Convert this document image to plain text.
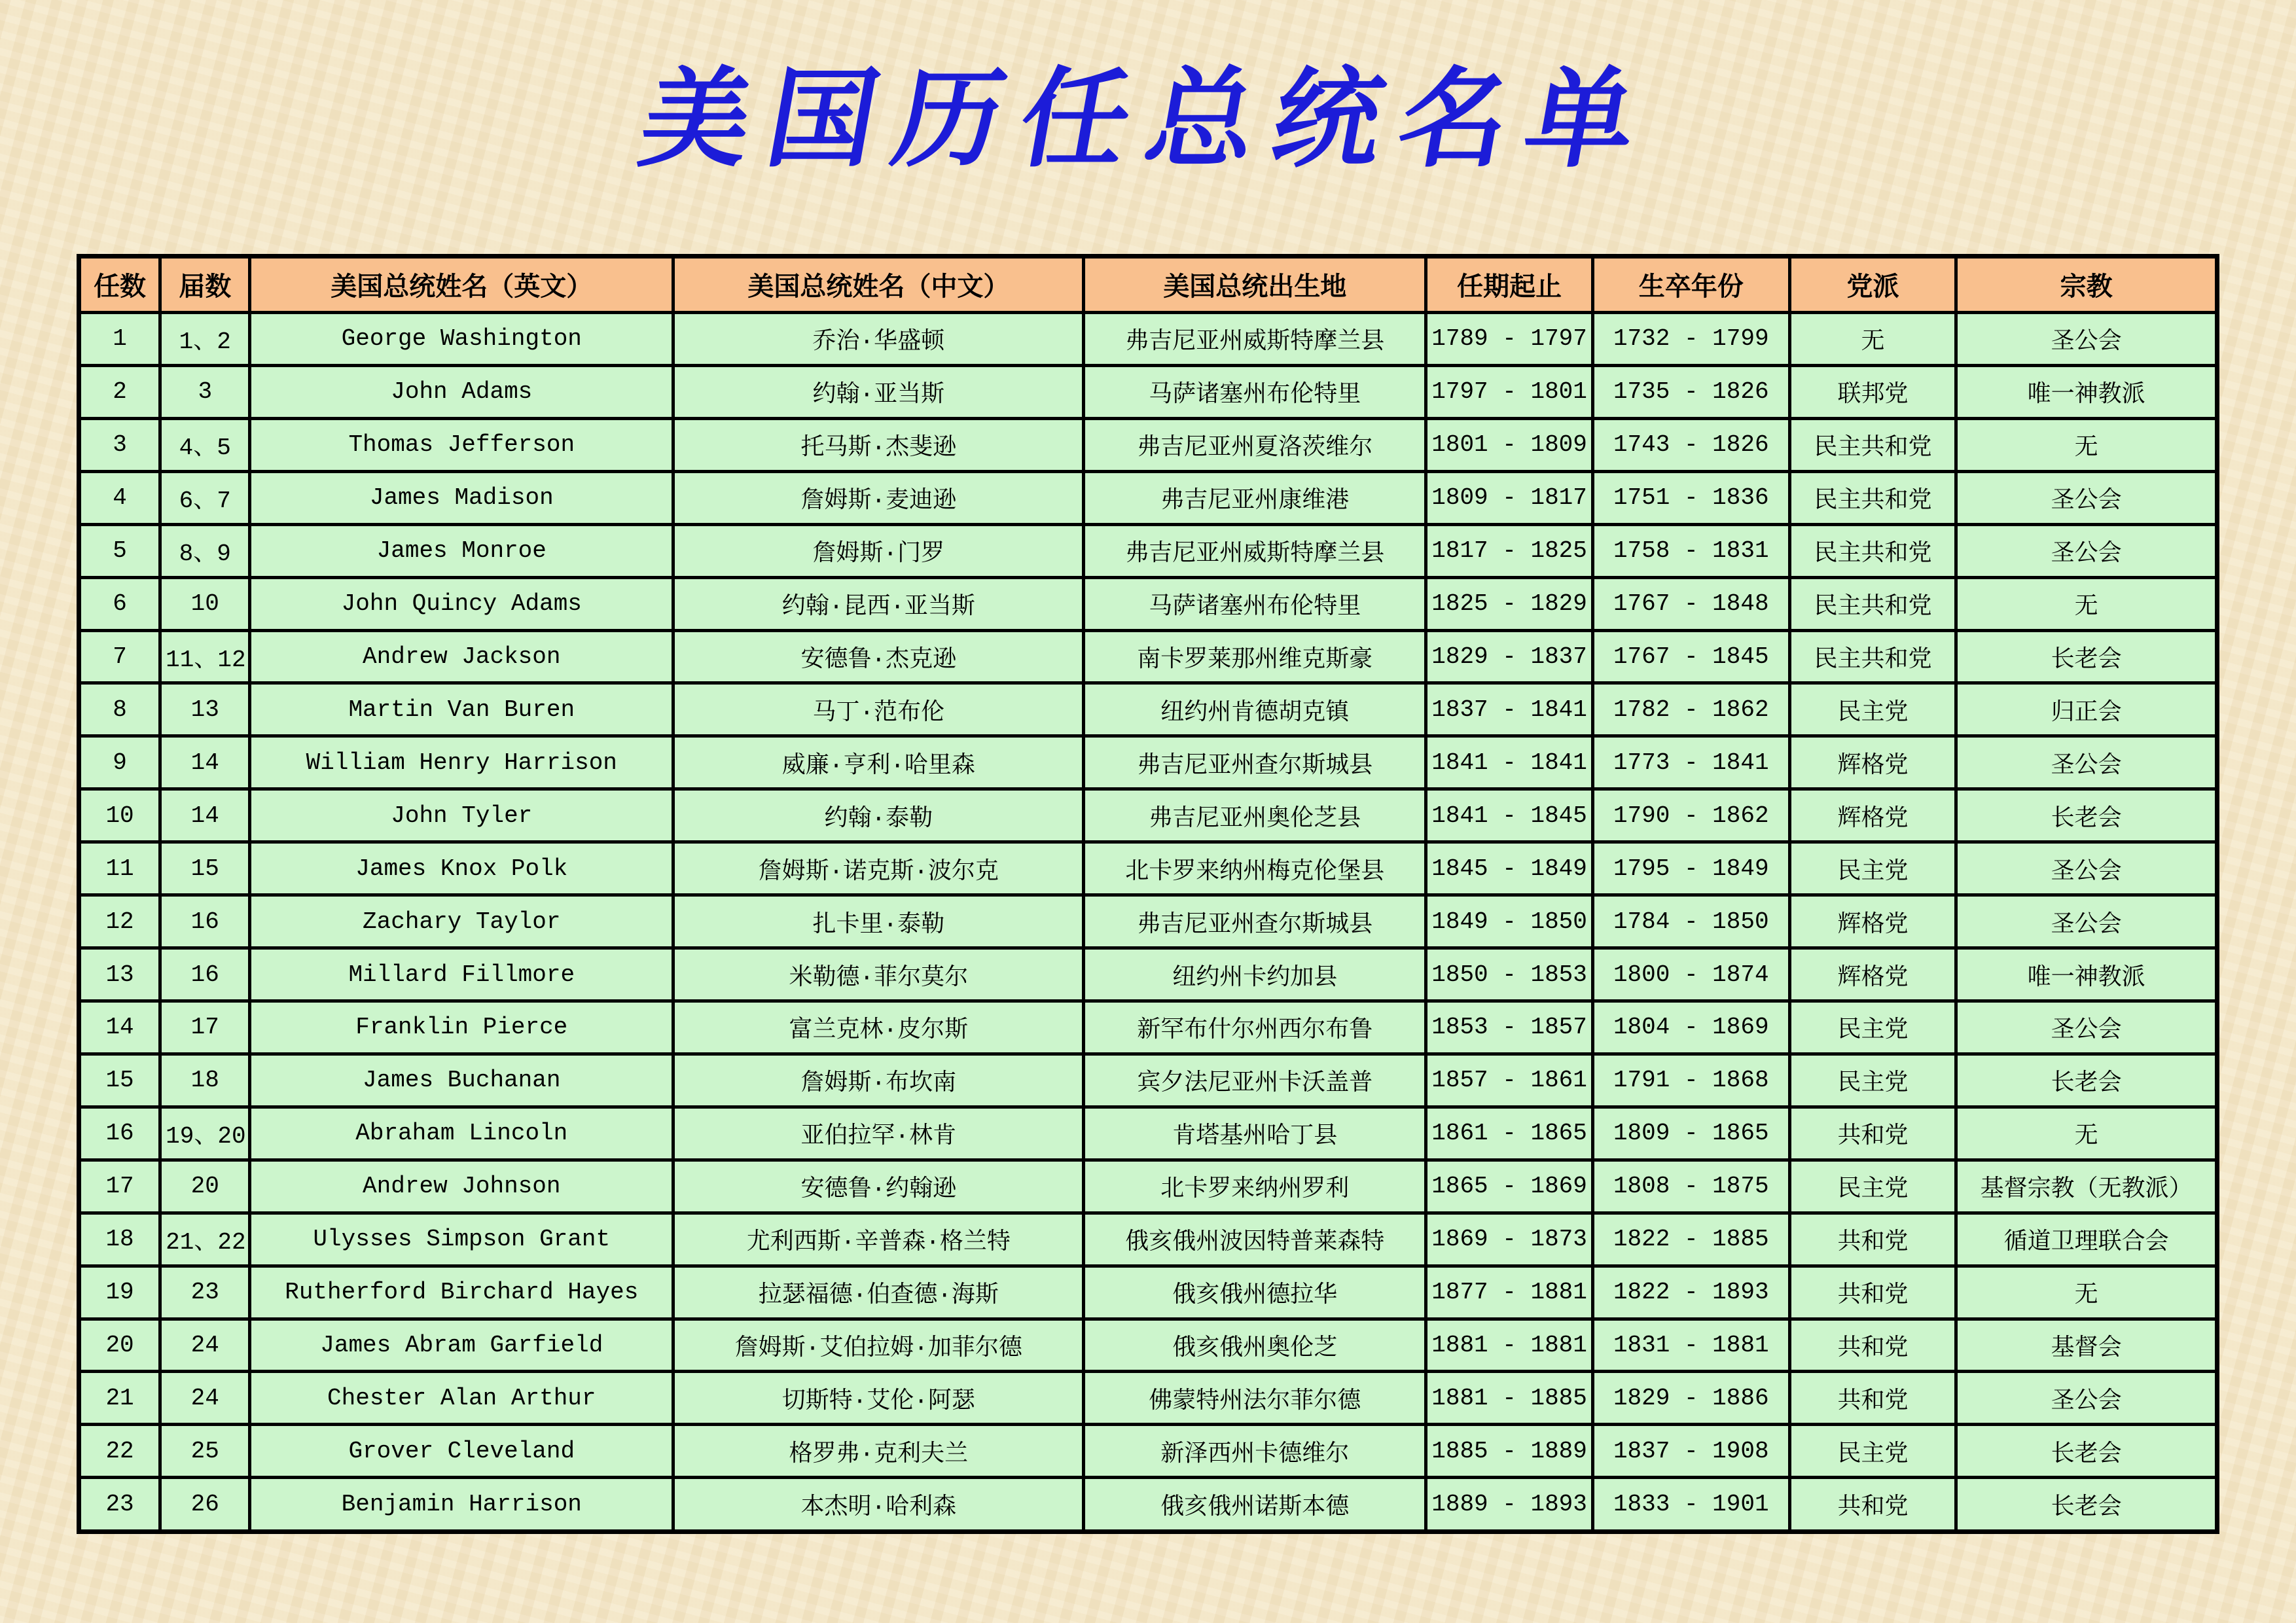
美国历任总统名单
任数	届数	美国总统姓名（英文）	美国总统姓名（中文）	美国总统出生地	任期起止	生卒年份	党派	宗教
1	1、2	George Washington	乔治·华盛顿	弗吉尼亚州威斯特摩兰县	1789 - 1797	1732 - 1799	无	圣公会
2	3	John Adams	约翰·亚当斯	马萨诸塞州布伦特里	1797 - 1801	1735 - 1826	联邦党	唯一神教派
3	4、5	Thomas Jefferson	托马斯·杰斐逊	弗吉尼亚州夏洛茨维尔	1801 - 1809	1743 - 1826	民主共和党	无
4	6、7	James Madison	詹姆斯·麦迪逊	弗吉尼亚州康维港	1809 - 1817	1751 - 1836	民主共和党	圣公会
5	8、9	James Monroe	詹姆斯·门罗	弗吉尼亚州威斯特摩兰县	1817 - 1825	1758 - 1831	民主共和党	圣公会
6	10	John Quincy Adams	约翰·昆西·亚当斯	马萨诸塞州布伦特里	1825 - 1829	1767 - 1848	民主共和党	无
7	11、12	Andrew Jackson	安德鲁·杰克逊	南卡罗莱那州维克斯豪	1829 - 1837	1767 - 1845	民主共和党	长老会
8	13	Martin Van Buren	马丁·范布伦	纽约州肯德胡克镇	1837 - 1841	1782 - 1862	民主党	归正会
9	14	William Henry Harrison	威廉·亨利·哈里森	弗吉尼亚州查尔斯城县	1841 - 1841	1773 - 1841	辉格党	圣公会
10	14	John Tyler	约翰·泰勒	弗吉尼亚州奥伦芝县	1841 - 1845	1790 - 1862	辉格党	长老会
11	15	James Knox Polk	詹姆斯·诺克斯·波尔克	北卡罗来纳州梅克伦堡县	1845 - 1849	1795 - 1849	民主党	圣公会
12	16	Zachary Taylor	扎卡里·泰勒	弗吉尼亚州查尔斯城县	1849 - 1850	1784 - 1850	辉格党	圣公会
13	16	Millard Fillmore	米勒德·菲尔莫尔	纽约州卡约加县	1850 - 1853	1800 - 1874	辉格党	唯一神教派
14	17	Franklin Pierce	富兰克林·皮尔斯	新罕布什尔州西尔布鲁	1853 - 1857	1804 - 1869	民主党	圣公会
15	18	James Buchanan	詹姆斯·布坎南	宾夕法尼亚州卡沃盖普	1857 - 1861	1791 - 1868	民主党	长老会
16	19、20	Abraham Lincoln	亚伯拉罕·林肯	肯塔基州哈丁县	1861 - 1865	1809 - 1865	共和党	无
17	20	Andrew Johnson	安德鲁·约翰逊	北卡罗来纳州罗利	1865 - 1869	1808 - 1875	民主党	基督宗教（无教派）
18	21、22	Ulysses Simpson Grant	尤利西斯·辛普森·格兰特	俄亥俄州波因特普莱森特	1869 - 1873	1822 - 1885	共和党	循道卫理联合会
19	23	Rutherford Birchard Hayes	拉瑟福德·伯查德·海斯	俄亥俄州德拉华	1877 - 1881	1822 - 1893	共和党	无
20	24	James Abram Garfield	詹姆斯·艾伯拉姆·加菲尔德	俄亥俄州奥伦芝	1881 - 1881	1831 - 1881	共和党	基督会
21	24	Chester Alan Arthur	切斯特·艾伦·阿瑟	佛蒙特州法尔菲尔德	1881 - 1885	1829 - 1886	共和党	圣公会
22	25	Grover Cleveland	格罗弗·克利夫兰	新泽西州卡德维尔	1885 - 1889	1837 - 1908	民主党	长老会
23	26	Benjamin Harrison	本杰明·哈利森	俄亥俄州诺斯本德	1889 - 1893	1833 - 1901	共和党	长老会
